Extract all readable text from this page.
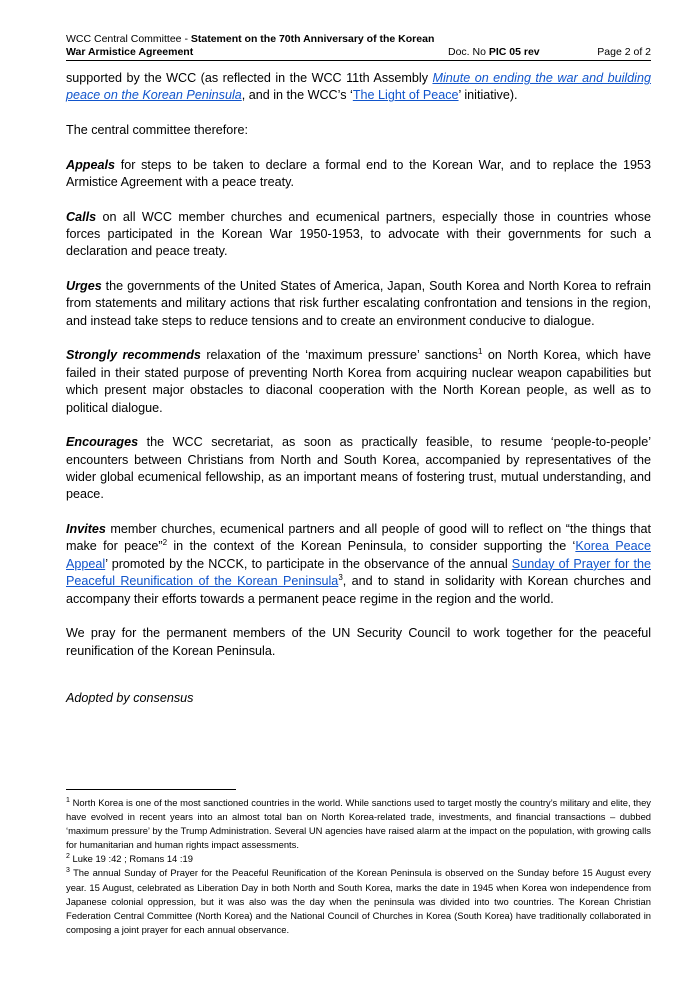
WCC Central Committee - Statement on the 70th Anniversary of the Korean
War Armistice Agreement	Doc. No PIC 05 rev	Page 2 of 2

supported by the WCC (as reflected in the WCC 11th Assembly Minute on ending the war and building peace on the Korean Peninsula, and in the WCC’s ‘The Light of Peace’ initiative).

The central committee therefore:

Appeals for steps to be taken to declare a formal end to the Korean War, and to replace the 1953 Armistice Agreement with a peace treaty.

Calls on all WCC member churches and ecumenical partners, especially those in countries whose forces participated in the Korean War 1950-1953, to advocate with their governments for such a declaration and peace treaty.

Urges the governments of the United States of America, Japan, South Korea and North Korea to refrain from statements and military actions that risk further escalating confrontation and tensions in the region, and instead take steps to reduce tensions and to create an environment conducive to dialogue.

Strongly recommends relaxation of the ‘maximum pressure’ sanctions$^1$ on North Korea, which have failed in their stated purpose of preventing North Korea from acquiring nuclear weapon capabilities but which present major obstacles to diaconal cooperation with the North Korean people, as well as to political dialogue.

Encourages the WCC secretariat, as soon as practically feasible, to resume ‘people-to-people’ encounters between Christians from North and South Korea, accompanied by representatives of the wider global ecumenical fellowship, as an important means of fostering trust, mutual understanding, and peace.

Invites member churches, ecumenical partners and all people of good will to reflect on “the things that make for peace”$^2$ in the context of the Korean Peninsula, to consider supporting the ‘Korea Peace Appeal’ promoted by the NCCK, to participate in the observance of the annual Sunday of Prayer for the Peaceful Reunification of the Korean Peninsula$^3$, and to stand in solidarity with Korean churches and accompany their efforts towards a permanent peace regime in the region and the world.

We pray for the permanent members of the UN Security Council to work together for the peaceful reunification of the Korean Peninsula.

Adopted by consensus

$^1$ North Korea is one of the most sanctioned countries in the world. While sanctions used to target mostly the country’s military and elite, they have evolved in recent years into an almost total ban on North Korea-related trade, investments, and financial transactions – dubbed ‘maximum pressure’ by the Trump Administration. Several UN agencies have raised alarm at the impact on the population, with growing calls for humanitarian and human rights impact assessments.

$^2$ Luke 19 :42 ; Romans 14 :19

$^3$ The annual Sunday of Prayer for the Peaceful Reunification of the Korean Peninsula is observed on the Sunday before 15 August every year. 15 August, celebrated as Liberation Day in both North and South Korea, marks the date in 1945 when Korea won independence from Japanese colonial oppression, but it was also was the day when the peninsula was divided into two countries. The Korean Christian Federation Central Committee (North Korea) and the National Council of Churches in Korea (South Korea) have traditionally collaborated in composing a joint prayer for each annual observance.
